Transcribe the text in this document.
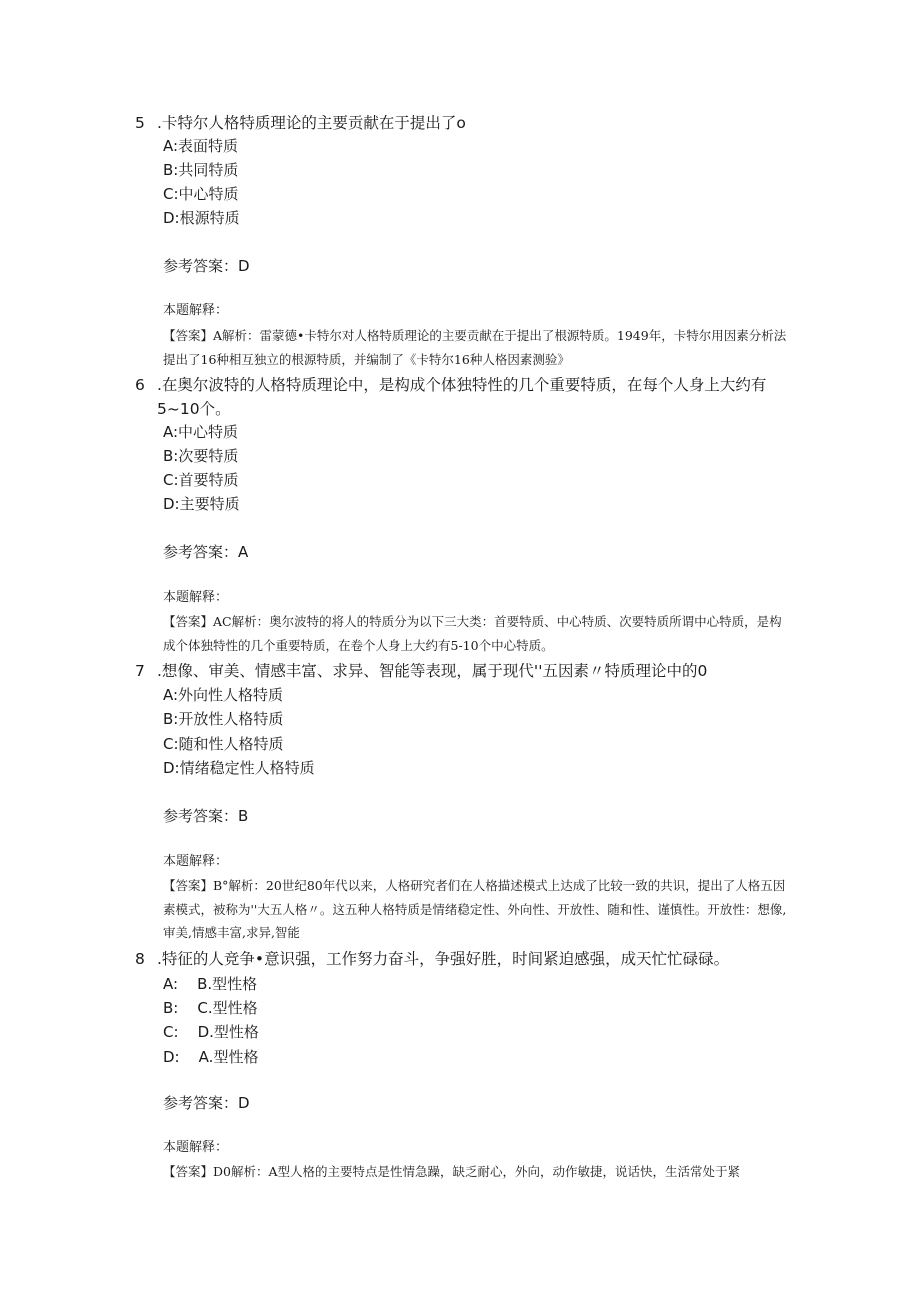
5 .卡特尔人格特质理论的主要贡献在于提出了o
A:表面特质
B:共同特质
C:中心特质
D:根源特质
参考答案：D
本题解释：
【答案】A解析：雷蒙德•卡特尔对人格特质理论的主要贡献在于提出了根源特质。1949年，卡特尔用因素分析法提出了16种相互独立的根源特质，并编制了《卡特尔16种人格因素测验》
6 .在奥尔波特的人格特质理论中，是构成个体独特性的几个重要特质，在每个人身上大约有5~10个。
A:中心特质
B:次要特质
C:首要特质
D:主要特质
参考答案：A
本题解释：
【答案】AC解析：奥尔波特的将人的特质分为以下三大类：首要特质、中心特质、次要特质所谓中心特质，是构成个体独特性的几个重要特质，在卷个人身上大约有5-10个中心特质。
7 .想像、审美、情感丰富、求异、智能等表现，属于现代''五因素〃特质理论中的0
A:外向性人格特质
B:开放性人格特质
C:随和性人格特质
D:情绪稳定性人格特质
参考答案：B
本题解释：
【答案】B°解析：20世纪80年代以来，人格研究者们在人格描述模式上达成了比较一致的共识，提出了人格五因素模式，被称为''大五人格〃。这五种人格特质是情绪稳定性、外向性、开放性、随和性、谨慎性。开放性：想像,审美,情感丰富,求异,智能
8 .特征的人竞争•意识强，工作努力奋斗，争强好胜，时间紧迫感强，成天忙忙碌碌。
A:    B.型性格
B:    C.型性格
C:    D.型性格
D:    A.型性格
参考答案：D
本题解释：
【答案】D0解析：A型人格的主要特点是性情急躁，缺乏耐心，外向，动作敏捷，说话快，生活常处于紧
